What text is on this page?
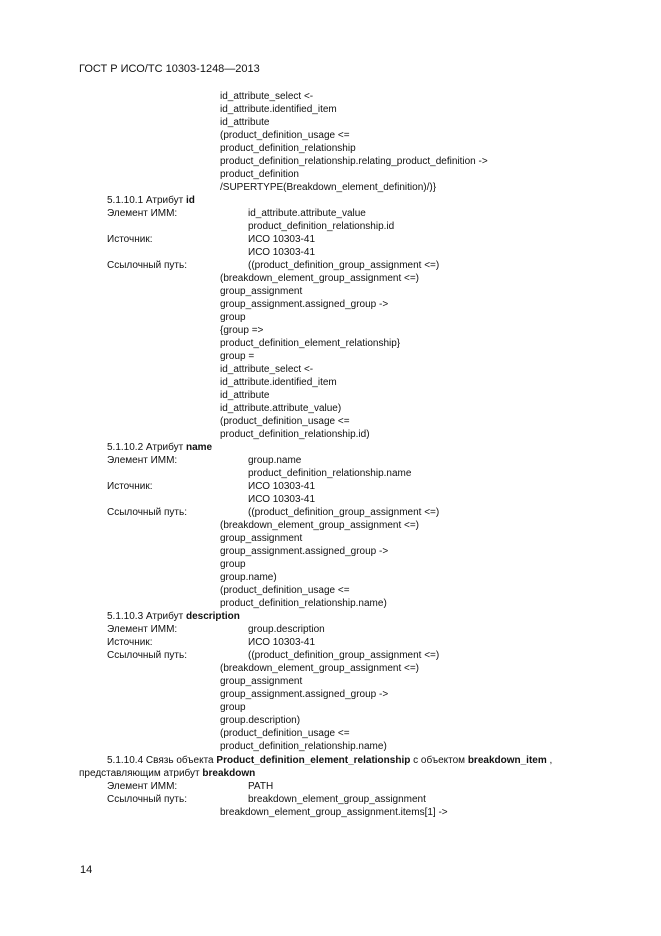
ГОСТ Р ИСО/ТС 10303-1248—2013
id_attribute_select <-
id_attribute.identified_item
id_attribute
(product_definition_usage <=
product_definition_relationship
product_definition_relationship.relating_product_definition ->
product_definition
/SUPERTYPE(Breakdown_element_definition)/)}
5.1.10.1 Атрибут id
Элемент ИММ:	id_attribute.attribute_value
product_definition_relationship.id
Источник:	ИСО 10303-41
ИСО 10303-41
Ссылочный путь:	((product_definition_group_assignment <=)
(breakdown_element_group_assignment <=)
group_assignment
group_assignment.assigned_group ->
group
{group =>
product_definition_element_relationship}
group =
id_attribute_select <-
id_attribute.identified_item
id_attribute
id_attribute.attribute_value)
(product_definition_usage <=
product_definition_relationship.id)
5.1.10.2 Атрибут name
Элемент ИММ:	group.name
product_definition_relationship.name
Источник:	ИСО 10303-41
ИСО 10303-41
Ссылочный путь:	((product_definition_group_assignment <=)
(breakdown_element_group_assignment <=)
group_assignment
group_assignment.assigned_group ->
group
group.name)
(product_definition_usage <=
product_definition_relationship.name)
5.1.10.3 Атрибут description
Элемент ИММ:	group.description
Источник:	ИСО 10303-41
Ссылочный путь:	((product_definition_group_assignment <=)
(breakdown_element_group_assignment <=)
group_assignment
group_assignment.assigned_group ->
group
group.description)
(product_definition_usage <=
product_definition_relationship.name)
5.1.10.4 Связь объекта Product_definition_element_relationship с объектом breakdown_item ,
представляющим атрибут breakdown
Элемент ИММ:	PATH
Ссылочный путь:	breakdown_element_group_assignment
breakdown_element_group_assignment.items[1] ->
14
